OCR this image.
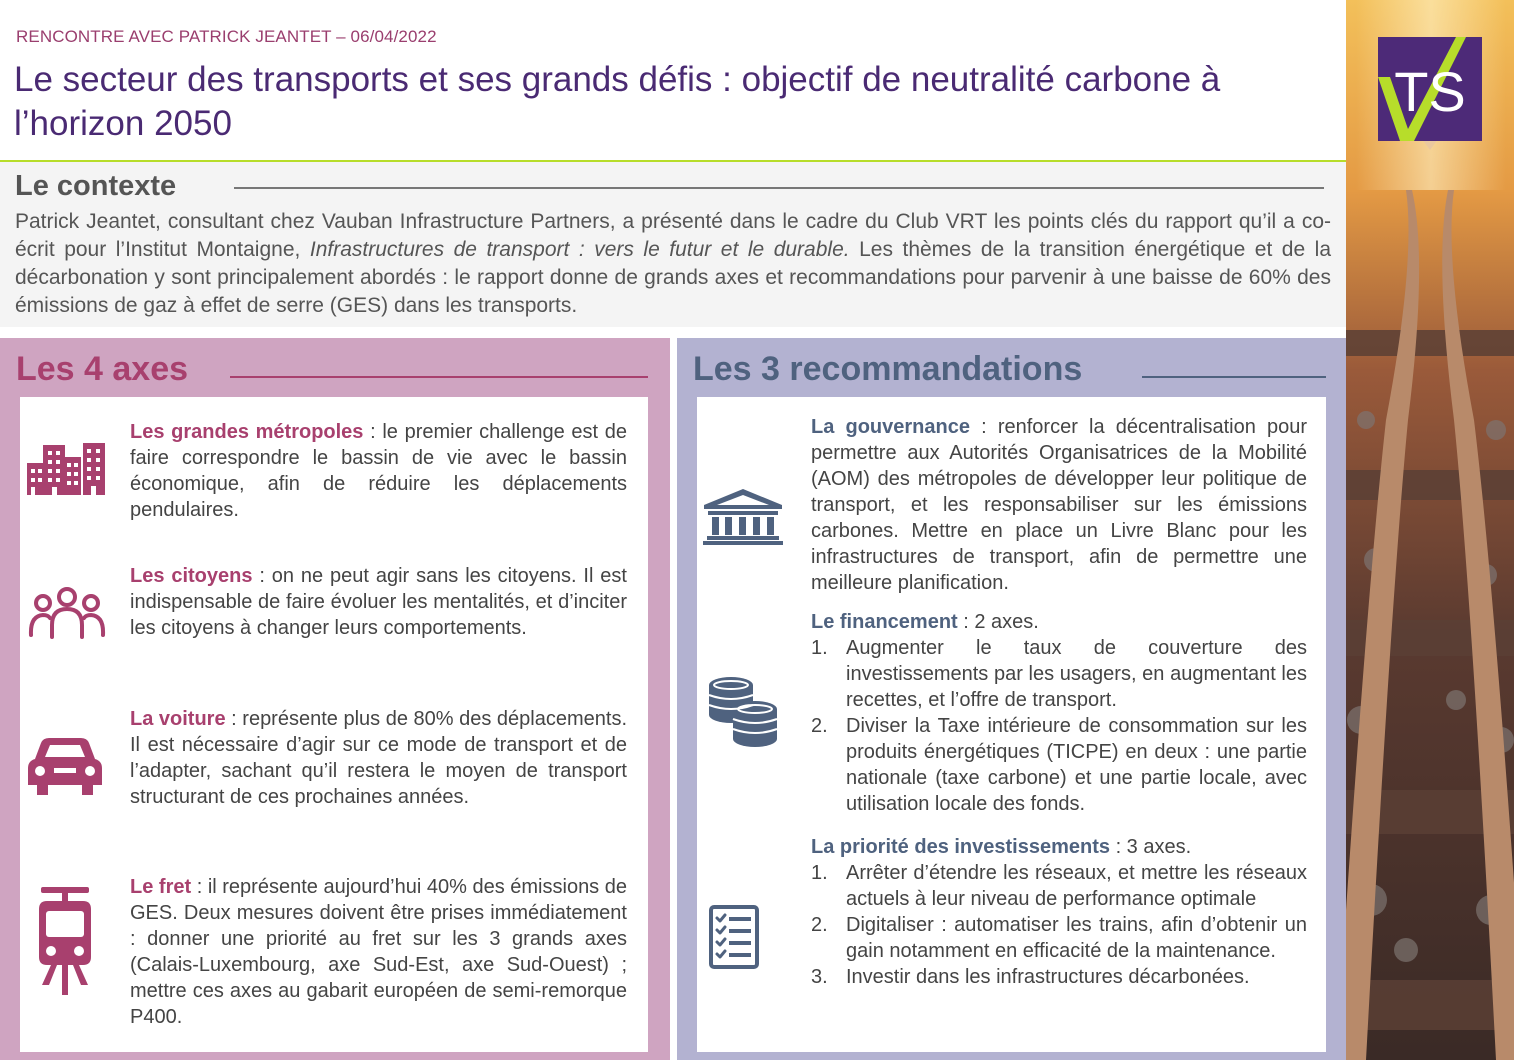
RENCONTRE AVEC PATRICK JEANTET – 06/04/2022
Le secteur des transports et ses grands défis : objectif de neutralité carbone à l’horizon 2050
Le contexte
Patrick Jeantet, consultant chez Vauban Infrastructure Partners, a présenté dans le cadre du Club VRT les points clés du rapport qu’il a co-écrit pour l’Institut Montaigne, Infrastructures de transport : vers le futur et le durable. Les thèmes de la transition énergétique et de la décarbonation y sont principalement abordés : le rapport donne de grands axes et recommandations pour parvenir à une baisse de 60% des émissions de gaz à effet de serre (GES) dans les transports.
Les 4 axes
Les grandes métropoles : le premier challenge est de faire correspondre le bassin de vie avec le bassin économique, afin de réduire les déplacements pendulaires.
Les citoyens : on ne peut agir sans les citoyens. Il est indispensable de faire évoluer les mentalités, et d’inciter les citoyens à changer leurs comportements.
La voiture : représente plus de 80% des déplacements. Il est nécessaire d’agir sur ce mode de transport et de l’adapter, sachant qu’il restera le moyen de transport structurant de ces prochaines années.
Le fret : il représente aujourd’hui 40% des émissions de GES. Deux mesures doivent être prises immédiatement : donner une priorité au fret sur les 3 grands axes (Calais-Luxembourg, axe Sud-Est, axe Sud-Ouest) ; mettre ces axes au gabarit européen de semi-remorque P400.
Les 3 recommandations
La gouvernance : renforcer la décentralisation pour permettre aux Autorités Organisatrices de la Mobilité (AOM) des métropoles de développer leur politique de transport, et les responsabiliser sur les émissions carbones. Mettre en place un Livre Blanc pour les infrastructures de transport, afin de permettre une meilleure planification.
Le financement : 2 axes.
1. Augmenter le taux de couverture des investissements par les usagers, en augmentant les recettes, et l’offre de transport.
2. Diviser la Taxe intérieure de consommation sur les produits énergétiques (TICPE) en deux : une partie nationale (taxe carbone) et une partie locale, avec utilisation locale des fonds.
La priorité des investissements : 3 axes.
1. Arrêter d’étendre les réseaux, et mettre les réseaux actuels à leur niveau de performance optimale
2. Digitaliser : automatiser les trains, afin d’obtenir un gain notamment en efficacité de la maintenance.
3. Investir dans les infrastructures décarbonées.
TS
